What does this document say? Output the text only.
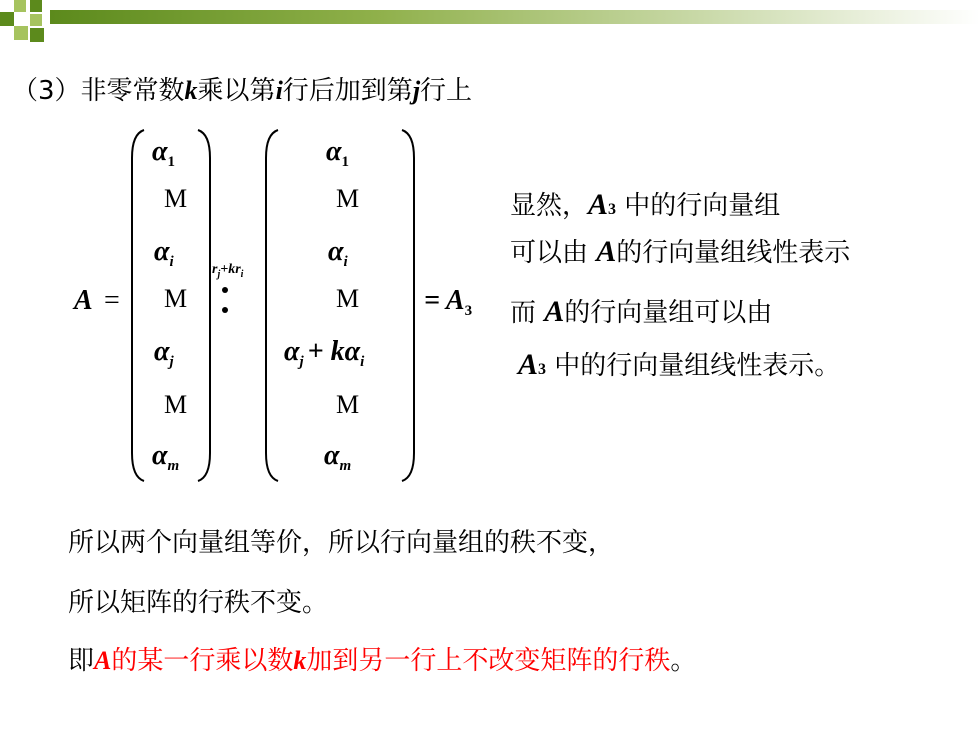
（3）非零常数k乘以第i行后加到第j行上
A =
$\alpha_1$
M
$\alpha_i$
M
$\alpha_j$
M
$\alpha_m$
$r_j+kr_i$
$\alpha_1$
M
$\alpha_i$
M
$\alpha_j + k\alpha_i$
M
$\alpha_m$
= $A_3$
显然，A3 中的行向量组
可以由 A的行向量组线性表示
而 A的行向量组可以由
A3 中的行向量组线性表示。
所以两个向量组等价，所以行向量组的秩不变，
所以矩阵的行秩不变。
即A的某一行乘以数k加到另一行上不改变矩阵的行秩。
